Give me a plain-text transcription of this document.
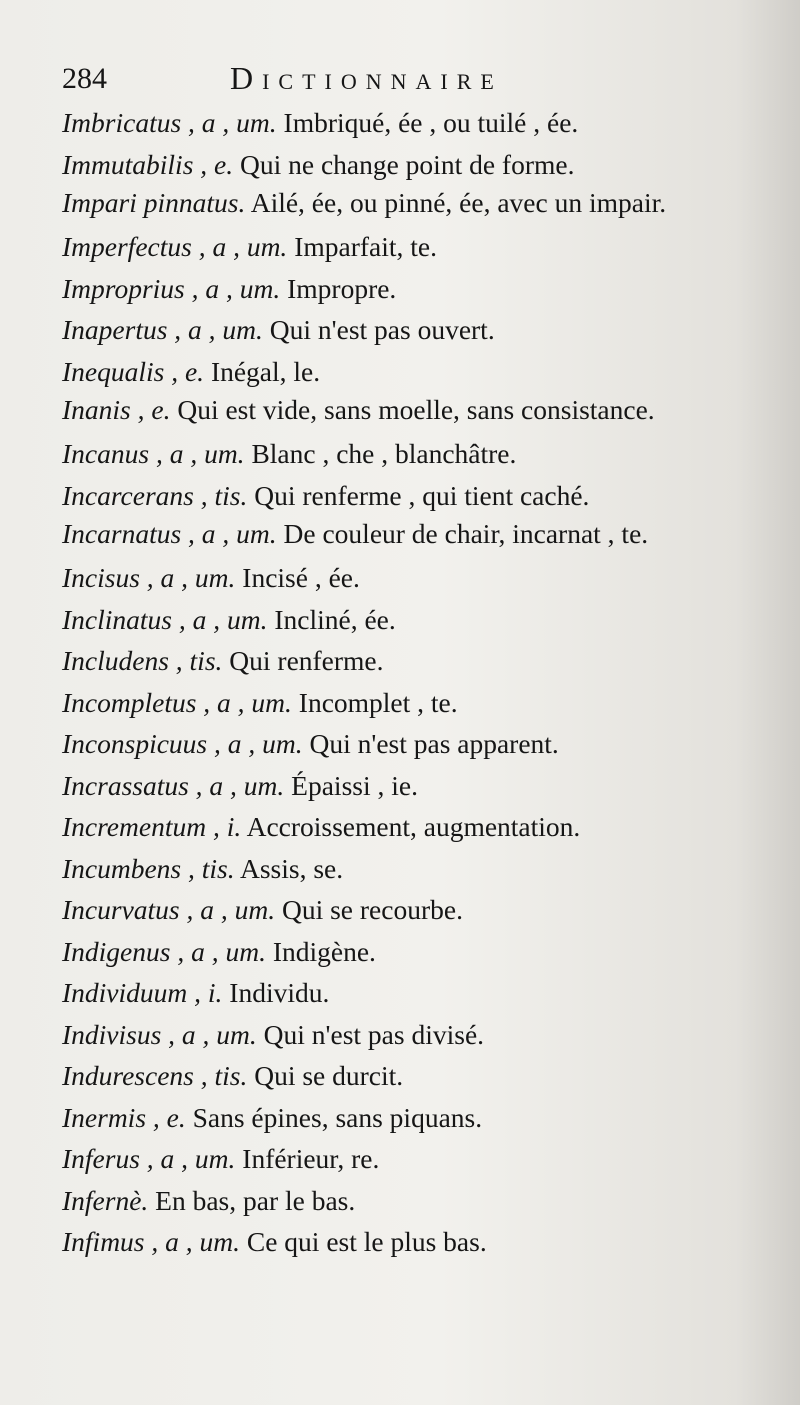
284	Dictionnaire
Imbricatus , a , um. Imbriqué, ée , ou tuilé , ée.
Immutabilis , e. Qui ne change point de forme.
Impari pinnatus. Ailé, ée, ou pinné, ée, avec un impair.
Imperfectus , a , um. Imparfait, te.
Improprius , a , um. Impropre.
Inapertus , a , um. Qui n'est pas ouvert.
Inequalis , e. Inégal, le.
Inanis , e. Qui est vide, sans moelle, sans consistance.
Incanus , a , um. Blanc , che , blanchâtre.
Incarcerans , tis. Qui renferme , qui tient caché.
Incarnatus , a , um. De couleur de chair, incarnat , te.
Incisus , a , um. Incisé , ée.
Inclinatus , a , um. Incliné, ée.
Includens , tis. Qui renferme.
Incompletus , a , um. Incomplet , te.
Inconspicuus , a , um. Qui n'est pas apparent.
Incrassatus , a , um. Épaissi , ie.
Incrementum , i. Accroissement, augmentation.
Incumbens , tis. Assis, se.
Incurvatus , a , um. Qui se recourbe.
Indigenus , a , um. Indigène.
Individuum , i. Individu.
Indivisus , a , um. Qui n'est pas divisé.
Indurescens , tis. Qui se durcit.
Inermis , e. Sans épines, sans piquans.
Inferus , a , um. Inférieur, re.
Infernè. En bas, par le bas.
Infimus , a , um. Ce qui est le plus bas.
